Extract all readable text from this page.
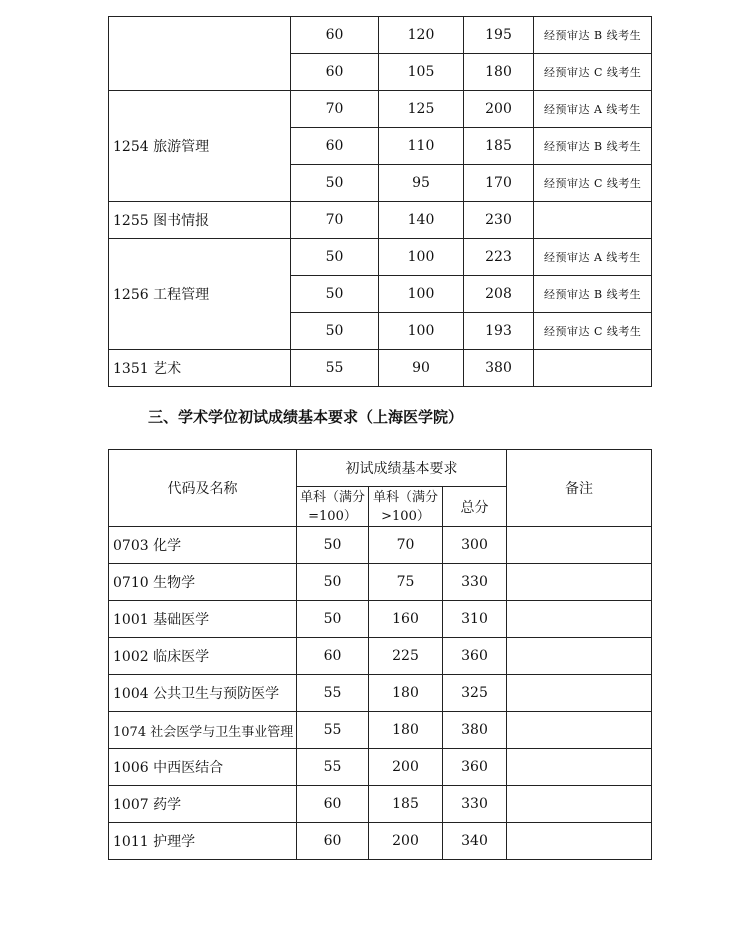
	60	120	195	经预审达 B 线考生
	60	105	180	经预审达 C 线考生
1254 旅游管理	70	125	200	经预审达 A 线考生
	60	110	185	经预审达 B 线考生
	50	95	170	经预审达 C 线考生
1255 图书情报	70	140	230	
1256 工程管理	50	100	223	经预审达 A 线考生
	50	100	208	经预审达 B 线考生
	50	100	193	经预审达 C 线考生
1351 艺术	55	90	380	
三、学术学位初试成绩基本要求（上海医学院）
代码及名称	初试成绩基本要求			备注
	单科（满分=100）	单科（满分>100）	总分	
0703 化学	50	70	300	
0710 生物学	50	75	330	
1001 基础医学	50	160	310	
1002 临床医学	60	225	360	
1004 公共卫生与预防医学	55	180	325	
1074 社会医学与卫生事业管理	55	180	380	
1006 中西医结合	55	200	360	
1007 药学	60	185	330	
1011 护理学	60	200	340	
